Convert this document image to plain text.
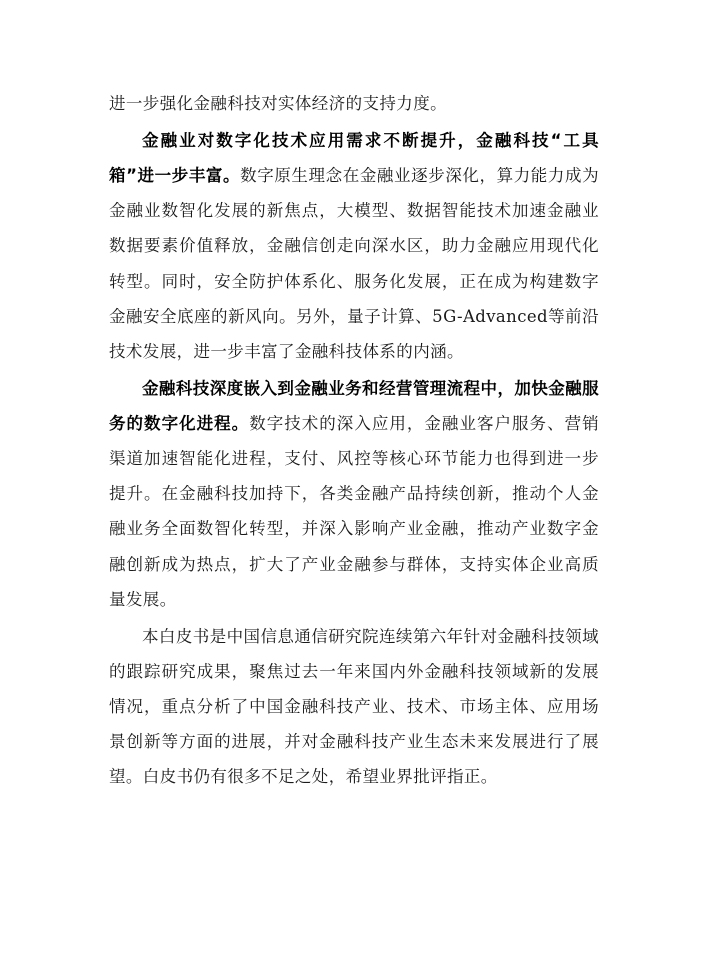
进一步强化金融科技对实体经济的支持力度。

金融业对数字化技术应用需求不断提升，金融科技“工具箱”进一步丰富。数字原生理念在金融业逐步深化，算力能力成为金融业数智化发展的新焦点，大模型、数据智能技术加速金融业数据要素价值释放，金融信创走向深水区，助力金融应用现代化转型。同时，安全防护体系化、服务化发展，正在成为构建数字金融安全底座的新风向。另外，量子计算、5G-Advanced等前沿技术发展，进一步丰富了金融科技体系的内涵。

金融科技深度嵌入到金融业务和经营管理流程中，加快金融服务的数字化进程。数字技术的深入应用，金融业客户服务、营销渠道加速智能化进程，支付、风控等核心环节能力也得到进一步提升。在金融科技加持下，各类金融产品持续创新，推动个人金融业务全面数智化转型，并深入影响产业金融，推动产业数字金融创新成为热点，扩大了产业金融参与群体，支持实体企业高质量发展。

本白皮书是中国信息通信研究院连续第六年针对金融科技领域的跟踪研究成果，聚焦过去一年来国内外金融科技领域新的发展情况，重点分析了中国金融科技产业、技术、市场主体、应用场景创新等方面的进展，并对金融科技产业生态未来发展进行了展望。白皮书仍有很多不足之处，希望业界批评指正。
